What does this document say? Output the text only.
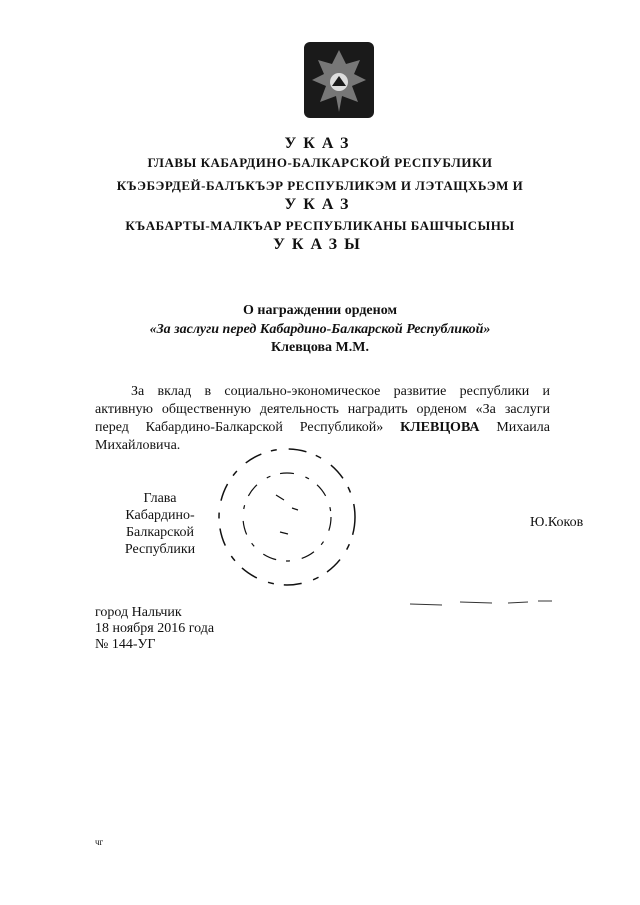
УКАЗ
ГЛАВЫ КАБАРДИНО-БАЛКАРСКОЙ РЕСПУБЛИКИ
КЪЭБЭРДЕЙ-БАЛЪКЪЭР РЕСПУБЛИКЭМ И ЛЭТАЩХЬЭМ И
УКАЗ
КЪАБАРТЫ-МАЛКЪАР РЕСПУБЛИКАНЫ БАШЧЫСЫНЫ
УКАЗЫ
О награждении орденом
«За заслуги перед Кабардино-Балкарской Республикой»
Клевцова М.М.
За вклад в социально-экономическое развитие республики и активную общественную деятельность наградить орденом «За заслуги перед Кабардино-Балкарской Республикой» КЛЕВЦОВА Михаила Михайловича.
Глава
Кабардино-Балкарской
Республики
Ю.Коков
город Нальчик
18 ноября 2016 года
№ 144-УГ
чг
